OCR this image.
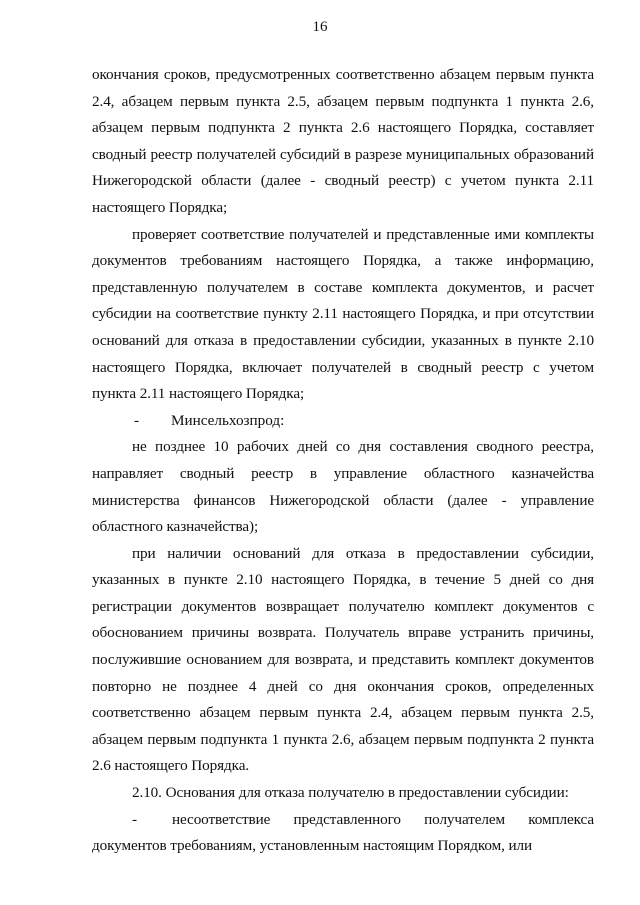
16

окончания сроков, предусмотренных соответственно абзацем первым пункта 2.4, абзацем первым пункта 2.5, абзацем первым подпункта 1 пункта 2.6, абзацем первым подпункта 2 пункта 2.6 настоящего Порядка, составляет сводный реестр получателей субсидий в разрезе муниципальных образований Нижегородской области (далее - сводный реестр) с учетом пункта 2.11 настоящего Порядка;

проверяет соответствие получателей и представленные ими комплекты документов требованиям настоящего Порядка, а также информацию, представленную получателем в составе комплекта документов, и расчет субсидии на соответствие пункту 2.11 настоящего Порядка, и при отсутствии оснований для отказа в предоставлении субсидии, указанных в пункте 2.10 настоящего Порядка, включает получателей в сводный реестр с учетом пункта 2.11 настоящего Порядка;

-	Минсельхозпрод:

не позднее 10 рабочих дней со дня составления сводного реестра, направляет сводный реестр в управление областного казначейства министерства финансов Нижегородской области (далее - управление областного казначейства);

при наличии оснований для отказа в предоставлении субсидии, указанных в пункте 2.10 настоящего Порядка, в течение 5 дней со дня регистрации документов возвращает получателю комплект документов с обоснованием причины возврата. Получатель вправе устранить причины, послужившие основанием для возврата, и представить комплект документов повторно не позднее 4 дней со дня окончания сроков, определенных соответственно абзацем первым пункта 2.4, абзацем первым пункта 2.5, абзацем первым подпункта 1 пункта 2.6, абзацем первым подпункта 2 пункта 2.6 настоящего Порядка.

2.10. Основания для отказа получателю в предоставлении субсидии:

- несоответствие представленного получателем комплекса документов требованиям, установленным настоящим Порядком, или
